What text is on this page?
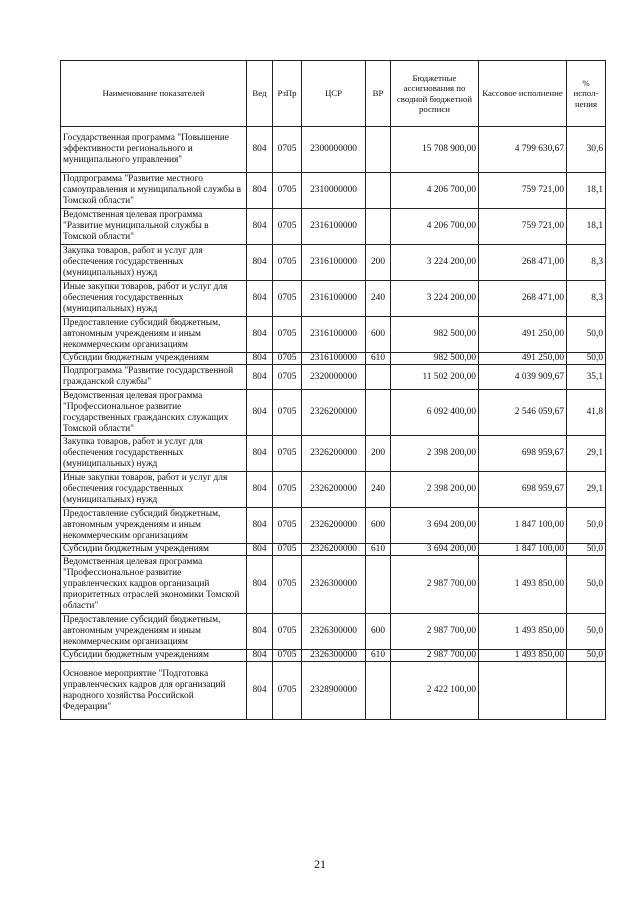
Наименование показателей	Вед	РзПр	ЦСР	ВР	Бюджетные ассигнования по сводной бюджетной росписи	Кассовое исполнение	% испол-нения
Государственная программа "Повышение эффективности регионального и муниципального управления"	804	0705	2300000000		15 708 900,00	4 799 630,67	30,6
Подпрограмма "Развитие местного самоуправления и муниципальной службы в Томской области"	804	0705	2310000000		4 206 700,00	759 721,00	18,1
Ведомственная целевая программа "Развитие муниципальной службы в Томской области"	804	0705	2316100000		4 206 700,00	759 721,00	18,1
Закупка товаров, работ и услуг для обеспечения государственных (муниципальных) нужд	804	0705	2316100000	200	3 224 200,00	268 471,00	8,3
Иные закупки товаров, работ и услуг для обеспечения государственных (муниципальных) нужд	804	0705	2316100000	240	3 224 200,00	268 471,00	8,3
Предоставление субсидий бюджетным, автономным учреждениям и иным некоммерческим организациям	804	0705	2316100000	600	982 500,00	491 250,00	50,0
Субсидии бюджетным учреждениям	804	0705	2316100000	610	982 500,00	491 250,00	50,0
Подпрограмма "Развитие государственной гражданской службы"	804	0705	2320000000		11 502 200,00	4 039 909,67	35,1
Ведомственная целевая программа "Профессиональное развитие государственных гражданских служащих Томской области"	804	0705	2326200000		6 092 400,00	2 546 059,67	41,8
Закупка товаров, работ и услуг для обеспечения государственных (муниципальных) нужд	804	0705	2326200000	200	2 398 200,00	698 959,67	29,1
Иные закупки товаров, работ и услуг для обеспечения государственных (муниципальных) нужд	804	0705	2326200000	240	2 398 200,00	698 959,67	29,1
Предоставление субсидий бюджетным, автономным учреждениям и иным некоммерческим организациям	804	0705	2326200000	600	3 694 200,00	1 847 100,00	50,0
Субсидии бюджетным учреждениям	804	0705	2326200000	610	3 694 200,00	1 847 100,00	50,0
Ведомственная целевая программа "Профессиональное развитие управленческих кадров организаций приоритетных отраслей экономики Томской области"	804	0705	2326300000		2 987 700,00	1 493 850,00	50,0
Предоставление субсидий бюджетным, автономным учреждениям и иным некоммерческим организациям	804	0705	2326300000	600	2 987 700,00	1 493 850,00	50,0
Субсидии бюджетным учреждениям	804	0705	2326300000	610	2 987 700,00	1 493 850,00	50,0
Основное мероприятие "Подготовка управленческих кадров для организаций народного хозяйства Российской Федерации"	804	0705	2328900000		2 422 100,00		
21
